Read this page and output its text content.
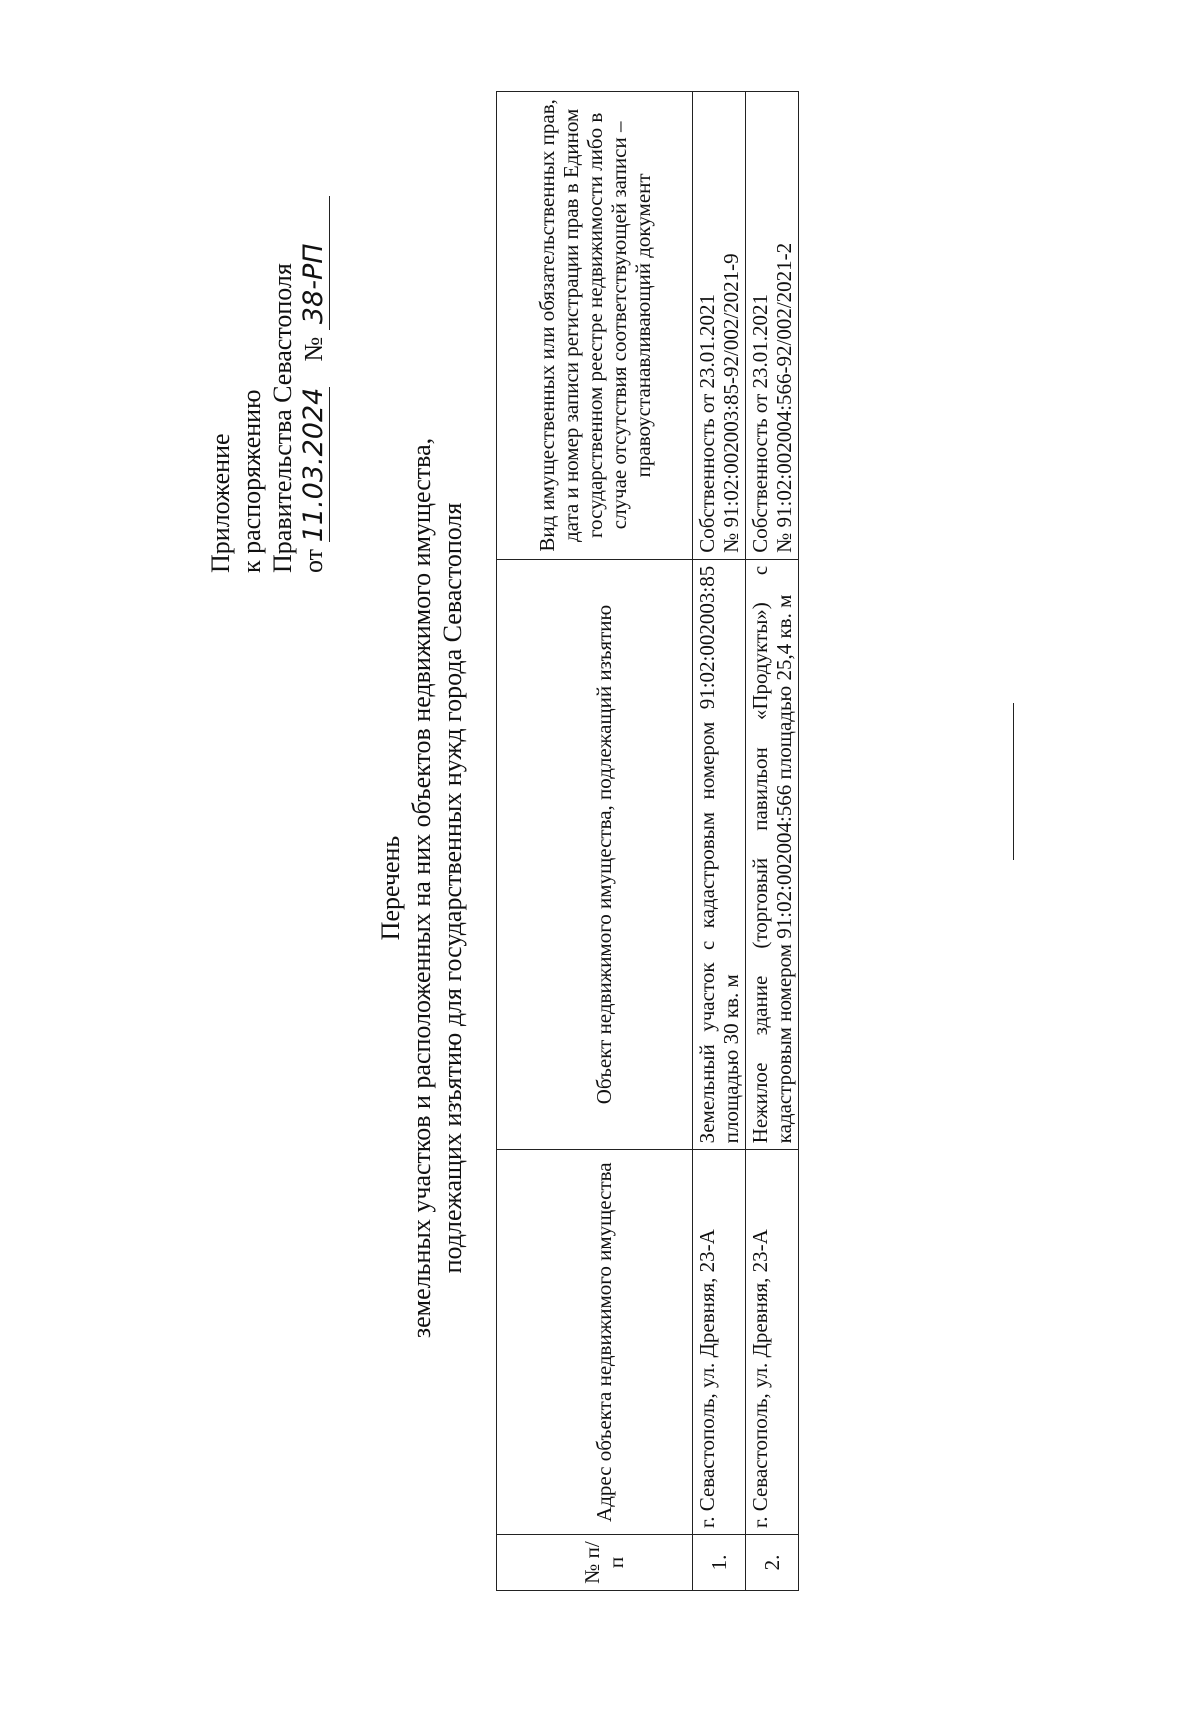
Приложение к распоряжению Правительства Севастополя от 11.03.2024    № 38-РП
Перечень земельных участков и расположенных на них объектов недвижимого имущества, подлежащих изъятию для государственных нужд города Севастополя
№ п/п	Адрес объекта недвижимого имущества	Объект недвижимого имущества, подлежащий изъятию	Вид имущественных или обязательственных прав, дата и номер записи регистрации прав в Едином государственном реестре недвижимости либо в случае отсутствия соответствующей записи – правоустанавливающий документ
1.	г. Севастополь, ул. Древняя, 23-А	Земельный участок с кадастровым номером 91:02:002003:85 площадью 30 кв. м	Собственность от 23.01.2021 № 91:02:002003:85-92/002/2021-9

2.	г. Севастополь, ул. Древняя, 23-А	Нежилое здание (торговый павильон «Продукты») с кадастровым номером 91:02:002004:566 площадью 25,4 кв. м	Собственность от 23.01.2021 № 91:02:002004:566-92/002/2021-2
